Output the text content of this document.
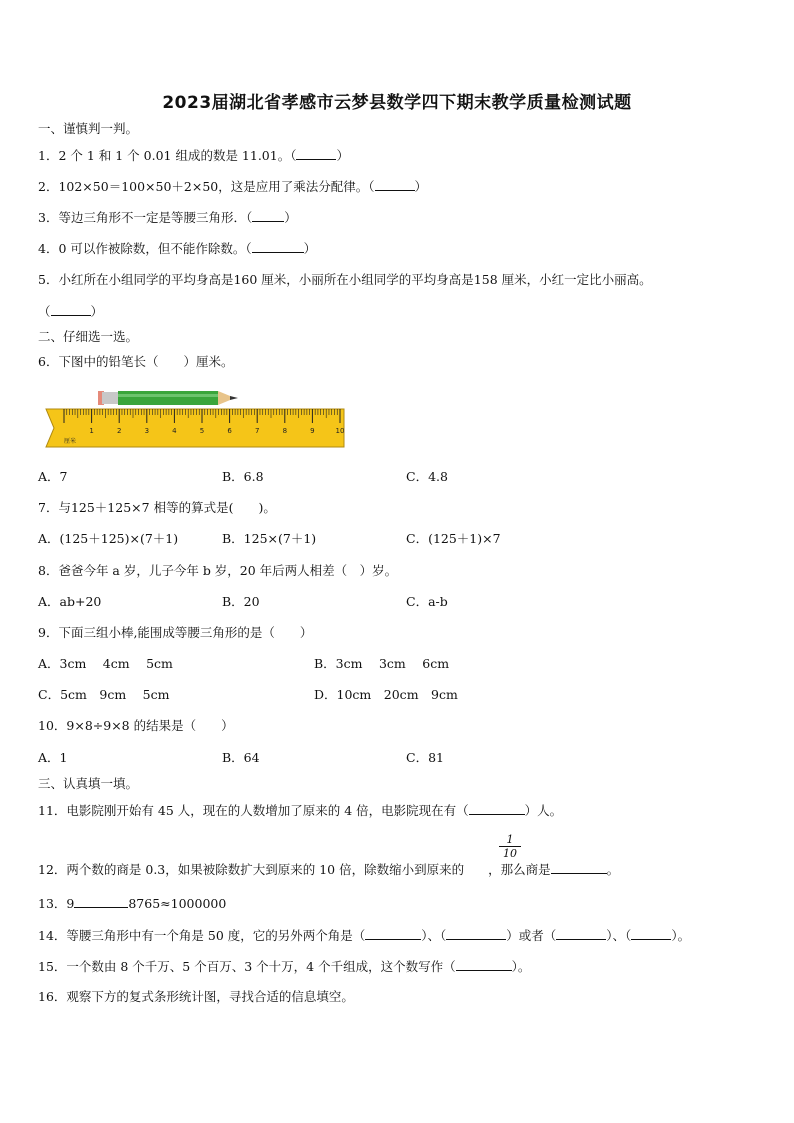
2023届湖北省孝感市云梦县数学四下期末教学质量检测试题
一、谨慎判一判。
1．2 个 1 和 1 个 0.01 组成的数是 11.01。（	）
2．102×50＝100×50＋2×50，这是应用了乘法分配律。（	）
3．等边三角形不一定是等腰三角形．（	）
4．0 可以作被除数，但不能作除数。（	）
5．小红所在小组同学的平均身高是160 厘米，小丽所在小组同学的平均身高是158 厘米，小红一定比小丽高。
（	）
二、仔细选一选。
6．下图中的铅笔长（　　）厘米。
1	2	3	4	5	6	7	8	9	10
厘米
A．7	B．6.8	C．4.8
7．与125＋125×7 相等的算式是(　　)。
A．(125＋125)×(7＋1)	B．125×(7＋1)	C．(125＋1)×7
8．爸爸今年 a 岁，儿子今年 b 岁，20 年后两人相差（　）岁。
A．ab+20	B．20	C．a-b
9．下面三组小棒,能围成等腰三角形的是（　　）
A．3cm　 4cm　 5cm	B．3cm　 3cm　 6cm
C．5cm　9cm　 5cm	D．10cm　20cm　9cm
10．9×8÷9×8 的结果是（　　）
A．1	B．64	C．81
三、认真填一填。
11．电影院刚开始有 45 人，现在的人数增加了原来的 4 倍，电影院现在有（	）人。
$\frac{1}{10}$
12．两个数的商是 0.3，如果被除数扩大到原来的 10 倍，除数缩小到原来的 ，那么商是	。
13．9	8765≈1000000
14．等腰三角形中有一个角是 50 度，它的另外两个角是（	）、（	）或者（	）、（	）。
15．一个数由 8 个千万、5 个百万、3 个十万，4 个千组成，这个数写作（	）。
16．观察下方的复式条形统计图，寻找合适的信息填空。
